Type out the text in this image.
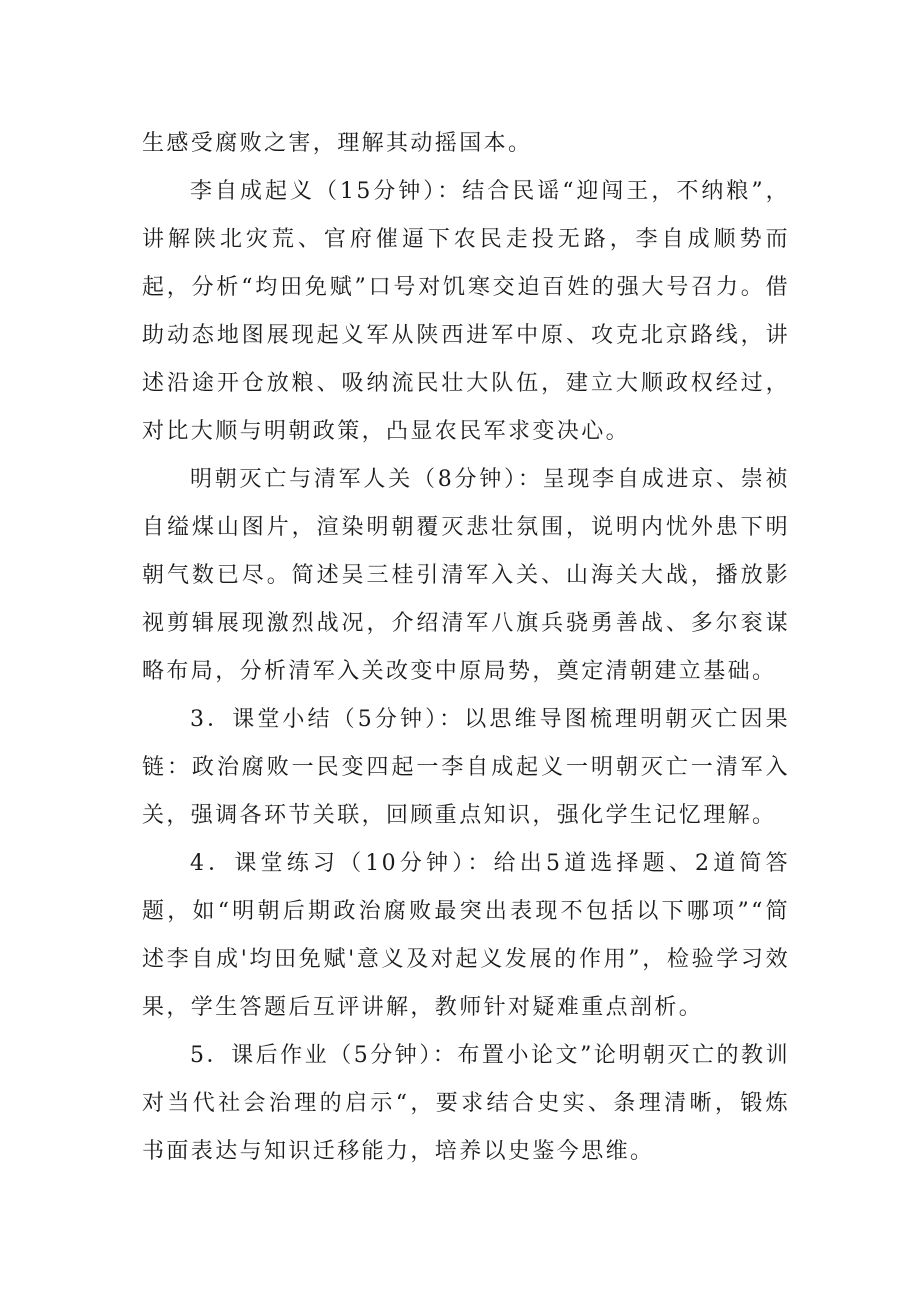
生感受腐败之害，理解其动摇国本。

李自成起义（15分钟）：结合民谣“迎闯王，不纳粮”，讲解陕北灾荒、官府催逼下农民走投无路，李自成顺势而起，分析“均田免赋”口号对饥寒交迫百姓的强大号召力。借助动态地图展现起义军从陕西进军中原、攻克北京路线，讲述沿途开仓放粮、吸纳流民壮大队伍，建立大顺政权经过，对比大顺与明朝政策，凸显农民军求变决心。

明朝灭亡与清军人关（8分钟）：呈现李自成进京、崇祯自缢煤山图片，渲染明朝覆灭悲壮氛围，说明内忧外患下明朝气数已尽。简述吴三桂引清军入关、山海关大战，播放影视剪辑展现激烈战况，介绍清军八旗兵骁勇善战、多尔衮谋略布局，分析清军入关改变中原局势，奠定清朝建立基础。

3．课堂小结（5分钟）：以思维导图梳理明朝灭亡因果链：政治腐败一民变四起一李自成起义一明朝灭亡一清军入关，强调各环节关联，回顾重点知识，强化学生记忆理解。

4．课堂练习（10分钟）：给出5道选择题、2道简答题，如“明朝后期政治腐败最突出表现不包括以下哪项”“简述李自成'均田免赋'意义及对起义发展的作用”，检验学习效果，学生答题后互评讲解，教师针对疑难重点剖析。

5．课后作业（5分钟）：布置小论文”论明朝灭亡的教训对当代社会治理的启示“，要求结合史实、条理清晰，锻炼书面表达与知识迁移能力，培养以史鉴今思维。
